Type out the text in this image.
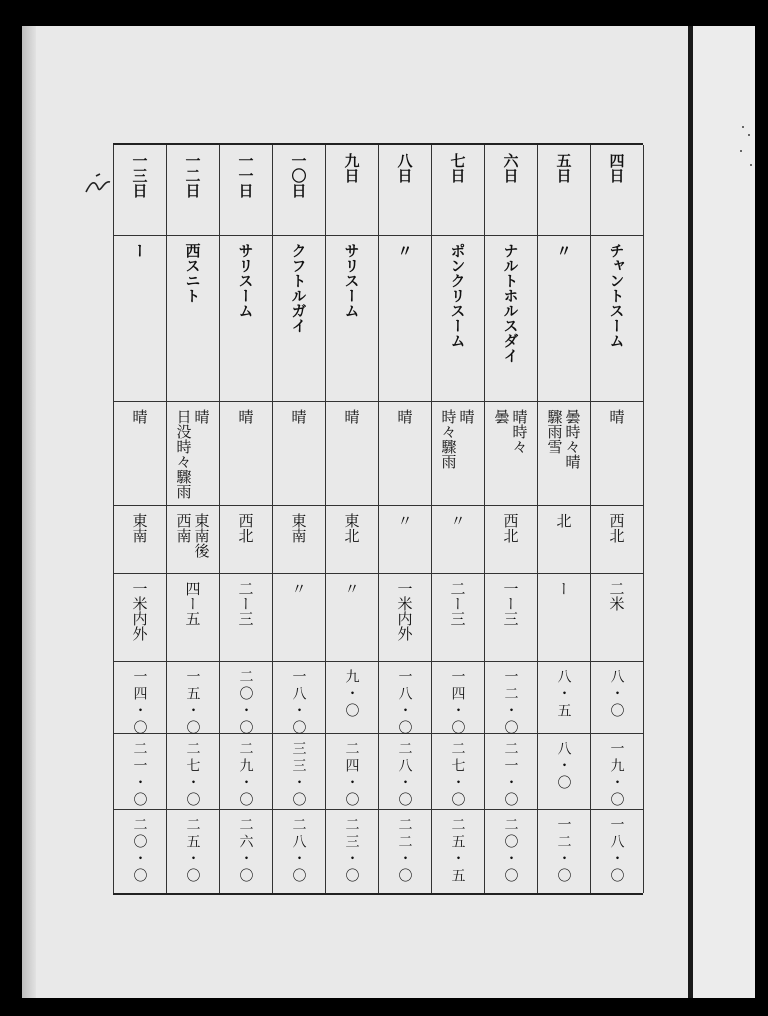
四日
チャントスーム
晴
西北
二米
八・〇
一九・〇
一八・〇
五日
〃
曇時々晴
驟雨雪
北
ー
八・五
八・〇
一二・〇
六日
ナルトホルスダイ
晴時々
曇
西北
一ー三
一二・〇
二一・〇
二〇・〇
七日
ポンクリスーム
晴
時々驟雨
〃
二ー三
一四・〇
二七・〇
二五・五
八日
〃
晴
〃
一米内外
一八・〇
二八・〇
二二・〇
九日
サリスーム
晴
東北
〃
九・〇
二四・〇
二三・〇
一〇日
クフトルガイ
晴
東南
〃
一八・〇
三三・〇
二八・〇
一一日
サリスーム
晴
西北
二ー三
二〇・〇
二九・〇
二六・〇
一二日
西スニト
晴
日没時々驟雨
東南後
西南
四ー五
一五・〇
二七・〇
二五・〇
一三日
ー
晴
東南
一米内外
一四・〇
二一・〇
二〇・〇
